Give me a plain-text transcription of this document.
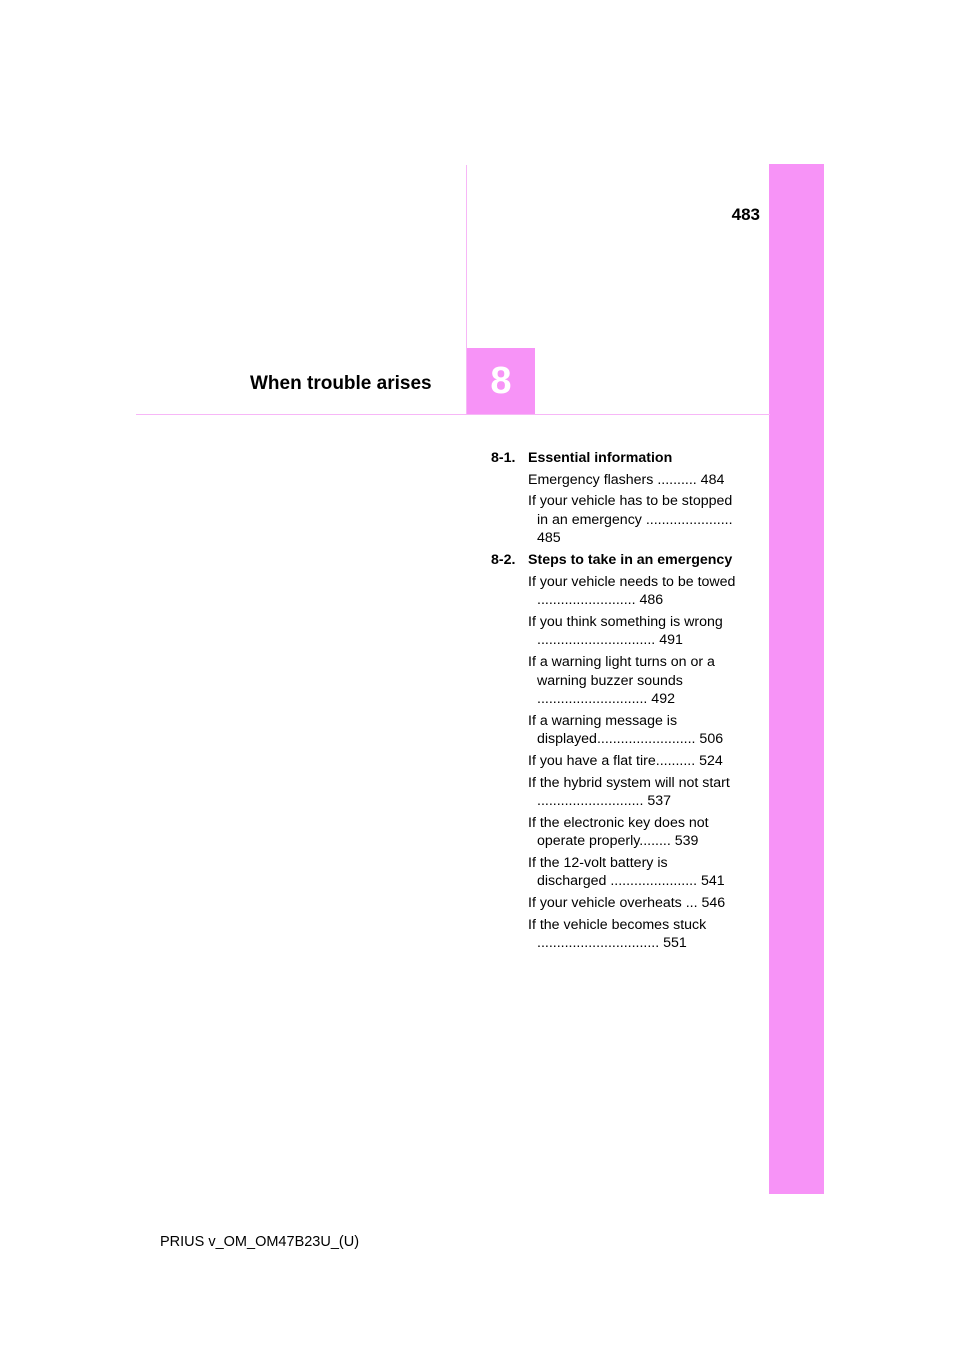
483
8
When trouble arises
8-1. Essential information
Emergency flashers .......... 484
If your vehicle has to be stopped in an emergency ...................... 485
8-2. Steps to take in an emergency
If your vehicle needs to be towed ......................... 486
If you think something is wrong .............................. 491
If a warning light turns on or a warning buzzer sounds ............................ 492
If a warning message is displayed......................... 506
If you have a flat tire.......... 524
If the hybrid system will not start ........................... 537
If the electronic key does not operate properly........ 539
If the 12-volt battery is discharged ...................... 541
If your vehicle overheats ... 546
If the vehicle becomes stuck ............................... 551
PRIUS v_OM_OM47B23U_(U)
